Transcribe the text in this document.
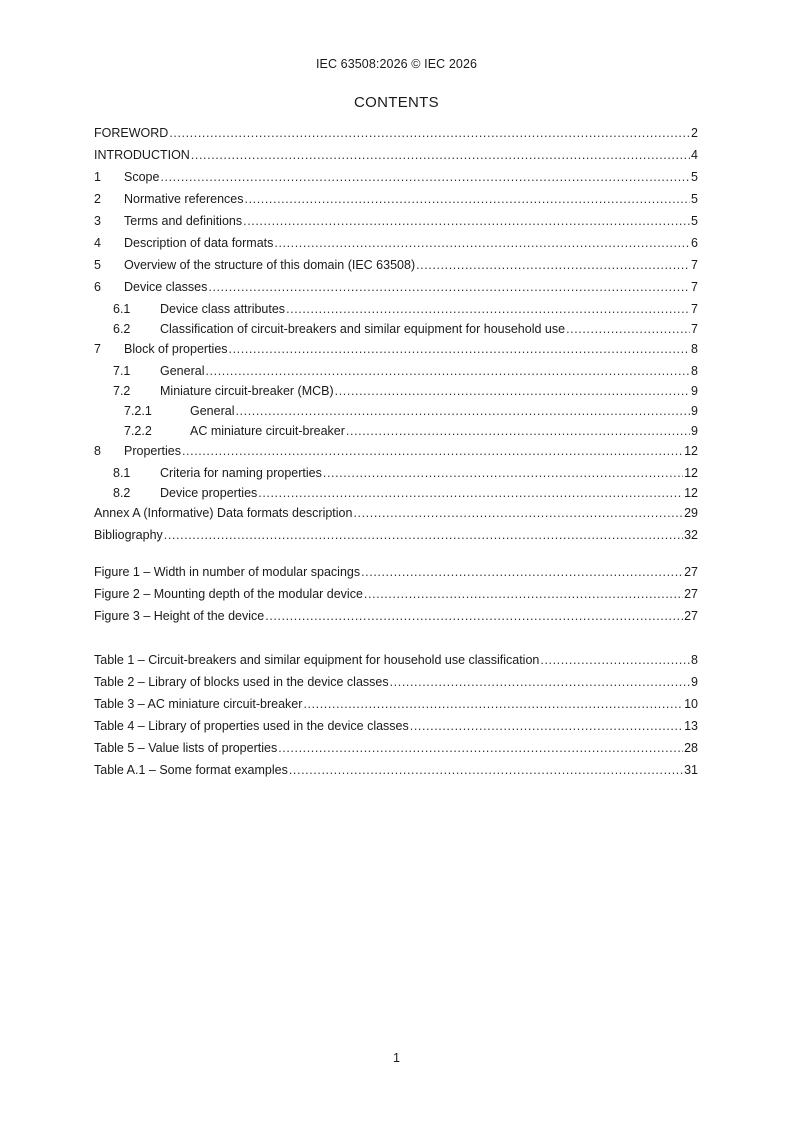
IEC 63508:2026 © IEC 2026
CONTENTS
FOREWORD .....	2
INTRODUCTION .....	4
1	Scope .....	5
2	Normative references .....	5
3	Terms and definitions .....	5
4	Description of data formats .....	6
5	Overview of the structure of this domain (IEC 63508) .....	7
6	Device classes .....	7
6.1	Device class attributes .....	7
6.2	Classification of circuit-breakers and similar equipment for household use .....	7
7	Block of properties .....	8
7.1	General .....	8
7.2	Miniature circuit-breaker (MCB) .....	9
7.2.1	General .....	9
7.2.2	AC miniature circuit-breaker .....	9
8	Properties .....	12
8.1	Criteria for naming properties .....	12
8.2	Device properties .....	12
Annex A (Informative) Data formats description .....	29
Bibliography .....	32
Figure 1 – Width in number of modular spacings .....	27
Figure 2 – Mounting depth of the modular device .....	27
Figure 3 – Height of the device .....	27
Table 1 – Circuit-breakers and similar equipment for household use classification .....	8
Table 2 – Library of blocks used in the device classes .....	9
Table 3 – AC miniature circuit-breaker .....	10
Table 4 – Library of properties used in the device classes .....	13
Table 5 – Value lists of properties .....	28
Table A.1 – Some format examples .....	31
1
